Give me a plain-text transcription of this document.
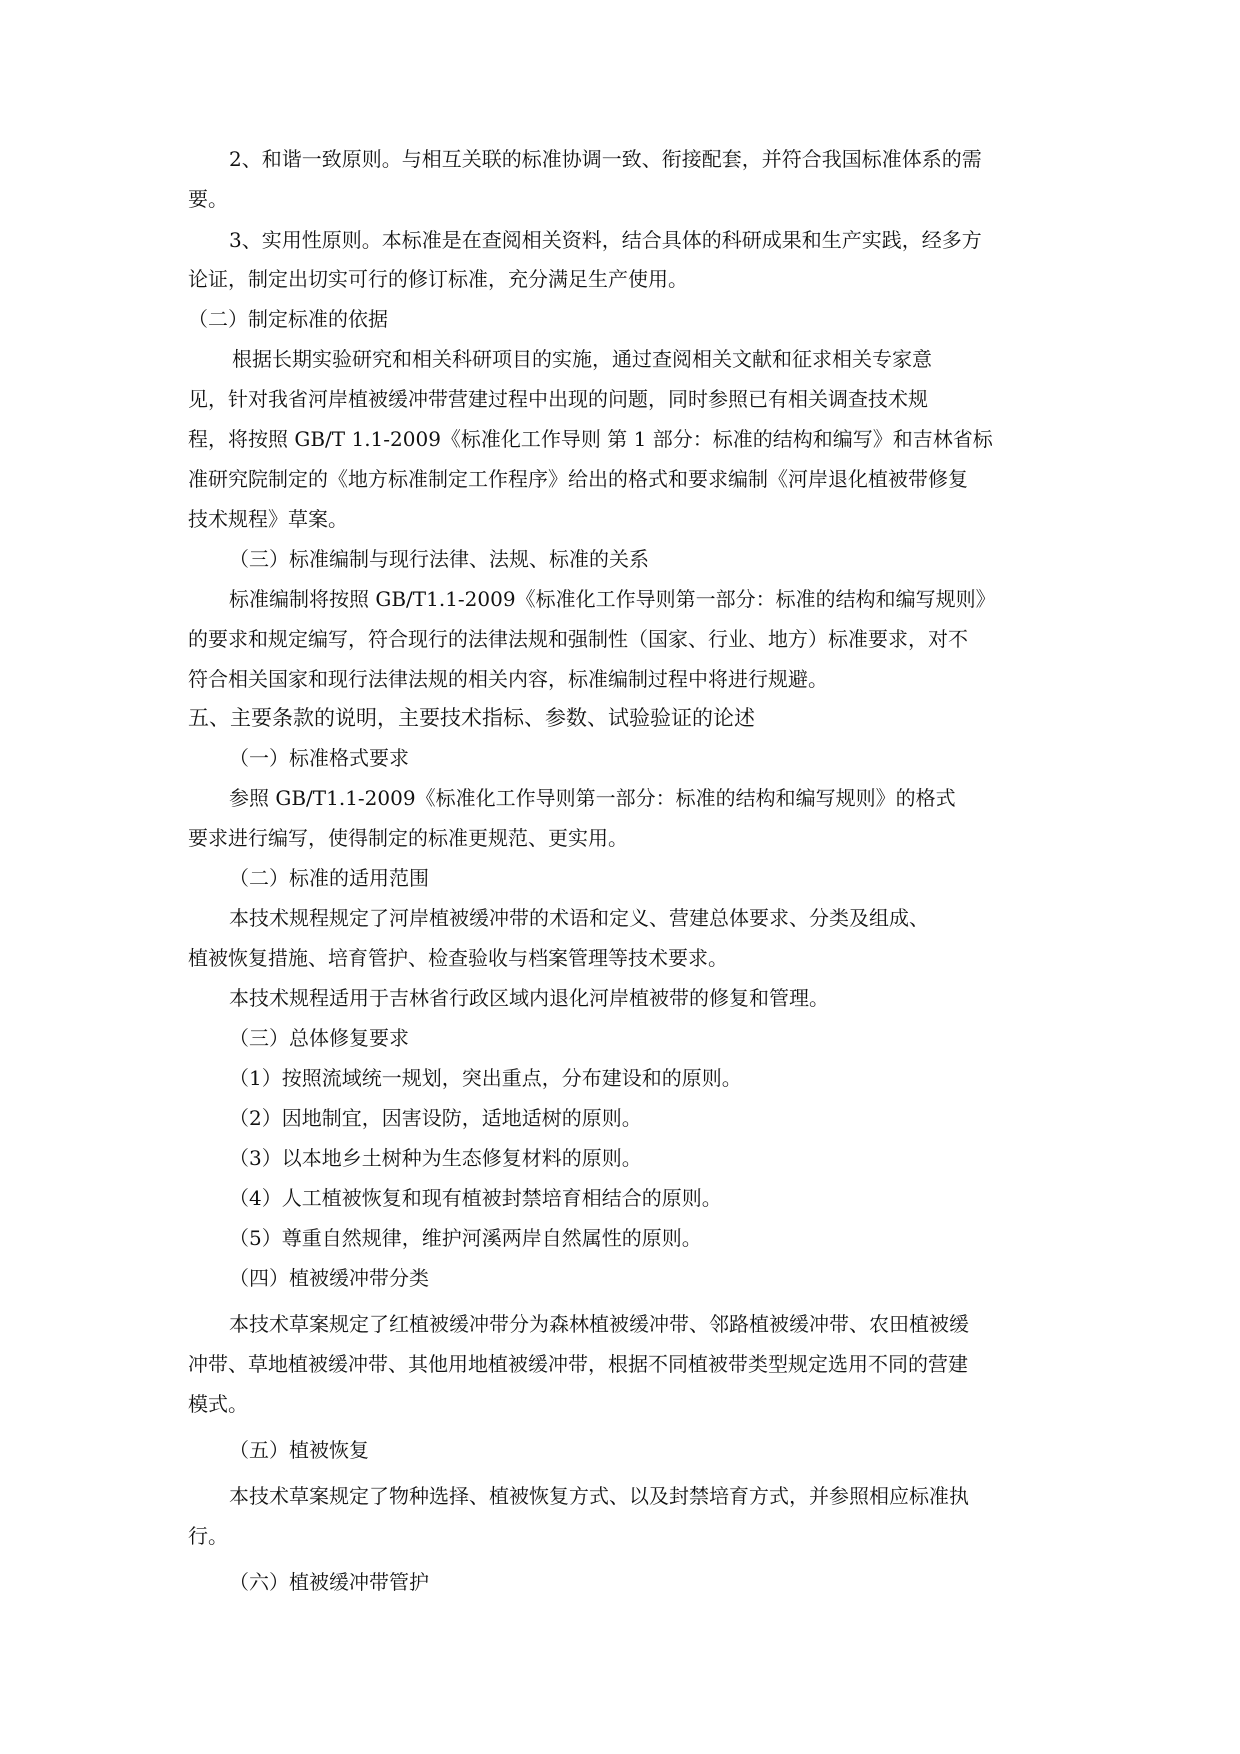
2、和谐一致原则。与相互关联的标准协调一致、衔接配套，并符合我国标准体系的需
要。
3、实用性原则。本标准是在查阅相关资料，结合具体的科研成果和生产实践，经多方
论证，制定出切实可行的修订标准，充分满足生产使用。
（二）制定标准的依据
根据长期实验研究和相关科研项目的实施，通过查阅相关文献和征求相关专家意
见，针对我省河岸植被缓冲带营建过程中出现的问题，同时参照已有相关调查技术规
程，将按照 GB/T 1.1-2009《标准化工作导则 第 1 部分：标准的结构和编写》和吉林省标
准研究院制定的《地方标准制定工作程序》给出的格式和要求编制《河岸退化植被带修复
技术规程》草案。
（三）标准编制与现行法律、法规、标准的关系
标准编制将按照 GB/T1.1-2009《标准化工作导则第一部分：标准的结构和编写规则》
的要求和规定编写，符合现行的法律法规和强制性（国家、行业、地方）标准要求，对不
符合相关国家和现行法律法规的相关内容，标准编制过程中将进行规避。
五、主要条款的说明，主要技术指标、参数、试验验证的论述
（一）标准格式要求
参照 GB/T1.1-2009《标准化工作导则第一部分：标准的结构和编写规则》的格式
要求进行编写，使得制定的标准更规范、更实用。
（二）标准的适用范围
本技术规程规定了河岸植被缓冲带的术语和定义、营建总体要求、分类及组成、
植被恢复措施、培育管护、检查验收与档案管理等技术要求。
本技术规程适用于吉林省行政区域内退化河岸植被带的修复和管理。
（三）总体修复要求
（1）按照流域统一规划，突出重点，分布建设和的原则。
（2）因地制宜，因害设防，适地适树的原则。
（3）以本地乡土树种为生态修复材料的原则。
（4）人工植被恢复和现有植被封禁培育相结合的原则。
（5）尊重自然规律，维护河溪两岸自然属性的原则。
（四）植被缓冲带分类
本技术草案规定了红植被缓冲带分为森林植被缓冲带、邻路植被缓冲带、农田植被缓
冲带、草地植被缓冲带、其他用地植被缓冲带，根据不同植被带类型规定选用不同的营建
模式。
（五）植被恢复
本技术草案规定了物种选择、植被恢复方式、以及封禁培育方式，并参照相应标准执
行。
（六）植被缓冲带管护
